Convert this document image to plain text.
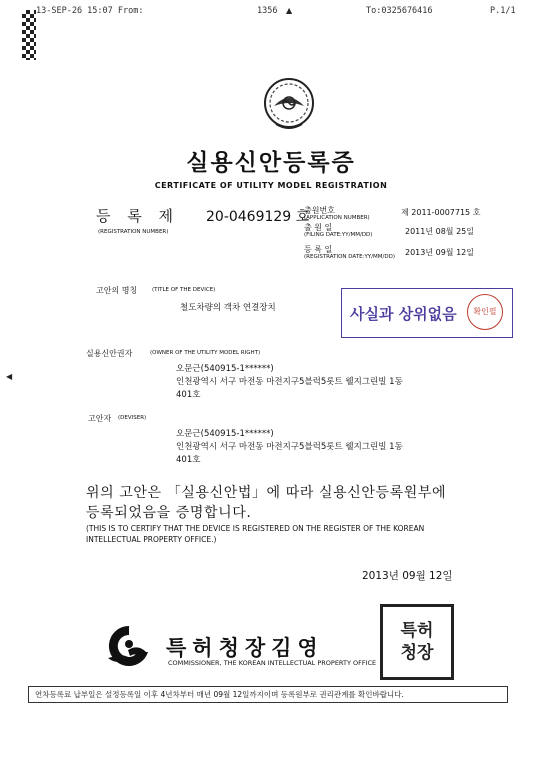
13-SEP-26 15:07 From:	1356 ▲	To:0325676416	P.1/1
◀
실용신안등록증
CERTIFICATE OF UTILITY MODEL REGISTRATION
등 록 제 20-0469129 호
(REGISTRATION NUMBER)
출원번호
(APPLICATION NUMBER)
제 2011-0007715 호
출 원 일
(FILING DATE:YY/MM/DD)	2011년 08월 25일
등 록 일
(REGISTRATION DATE:YY/MM/DD) 2013년 09월 12일
고안의 명칭	(TITLE OF THE DEVICE)
철도차량의 객차 연결장치	사실과 상위없음	확인필
실용신안권자	(OWNER OF THE UTILITY MODEL RIGHT)
오문근(540915-1******)
인천광역시 서구 마전동 마전지구5블럭5롯트 웰지그린빌 1동
401호
고안자 (DEVISER)
오문근(540915-1******)
인천광역시 서구 마전동 마전지구5블럭5롯트 웰지그린빌 1동
401호
위의 고안은 「실용신안법」에 따라 실용신안등록원부에
등록되었음을 증명합니다.
(THIS IS TO CERTIFY THAT THE DEVICE IS REGISTERED ON THE REGISTER OF THE KOREAN
INTELLECTUAL PROPERTY OFFICE.)
2013년 09월 12일
특허청장김영
COMMISSIONER, THE KOREAN INTELLECTUAL PROPERTY OFFICE
특허청장
연차등록료 납부일은 설정등록일 이후 4년차부터 매년 09월 12일까지이며 등록원부로 권리관계를 확인바랍니다.
